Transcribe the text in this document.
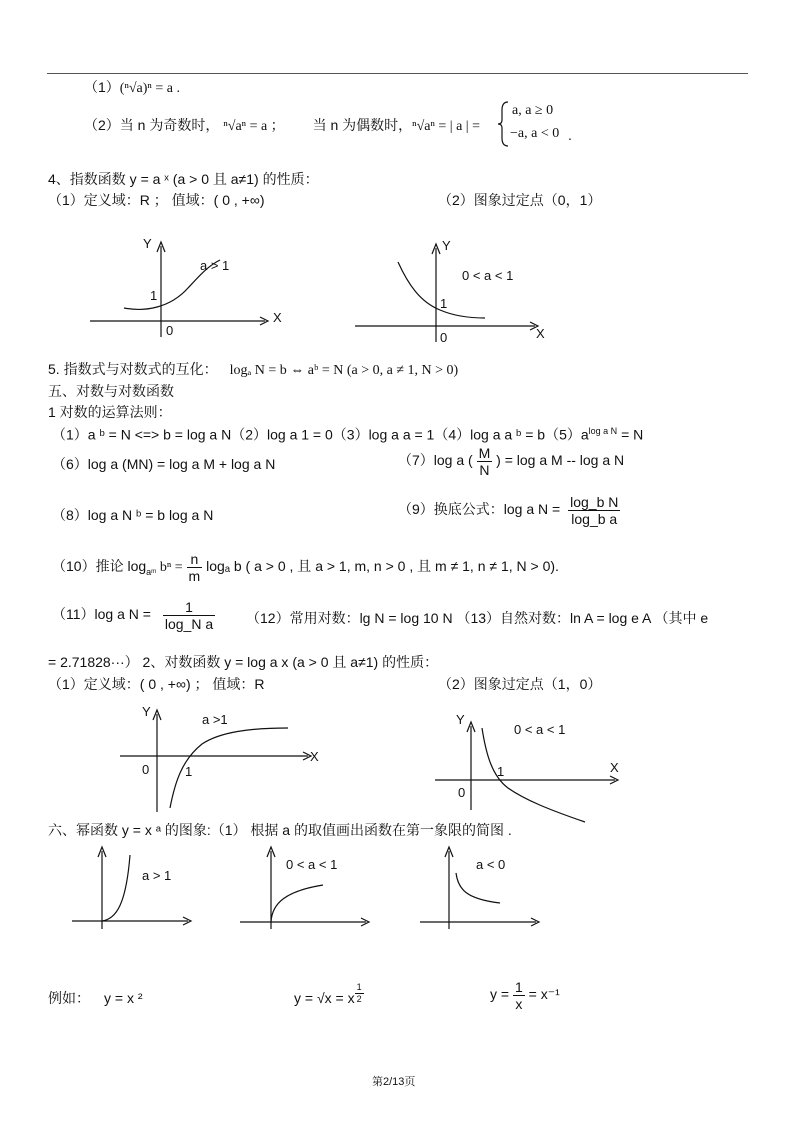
（1）(ⁿ√a)ⁿ = a .
（2）当 n 为奇数时， ⁿ√aⁿ = a ； 当 n 为偶数时，ⁿ√aⁿ = | a | =
a, a ≥ 0
−a, a < 0 .
4、指数函数 y = a ˣ (a > 0 且 a≠1) 的性质：
（1）定义域：R ； 值域：( 0 , +∞)	（2）图象过定点（0，1）
Y
X
0
1
a > 1
Y
X
0
1
0 < a < 1
5. 指数式与对数式的互化： logₐ N = b ⇔ aᵇ = N (a > 0, a ≠ 1, N > 0)
五、对数与对数函数
1 对数的运算法则：
（1）a ᵇ = N <=> b = log a N（2）log a 1 = 0（3）log a a = 1（4）log a a ᵇ = $b(5)a^{log a N} = N$
（6）log a (MN) = log a M + log a N	（7）log a ( $\frac{M}{N}$ ) = log a M -- log a N
（8）log a N ᵇ = b log a N	（9）换底公式：log a $N = \frac{\text{log\_b N}}{\text{log\_b a}}$
（10）推论 $\log_{aᵐ} b^n = \frac{n}{m}$ logₐ b ( a > 0 , 且 a > 1, m, n > 0 , 且 m ≠ 1, n ≠ 1, N > 0).
（11）log a $N = \frac{1}{\text{log\_N a}} (12)$常用对数：lg N = log 10 N （13）自然对数：ln A = log e A （其中 e
= 2.71828···） 2、对数函数 y = log a x (a > 0 且 a≠1) 的性质：
（1）定义域：( 0 , +∞) ； 值域：R	（2）图象过定点（1，0）
Y
X
0	1
a >1	Y
X
0
1
0 < a < 1
六、幂函数 y = x ᵃ 的图象:（1） 根据 a 的取值画出函数在第一象限的简图 .
a > 1
0 < a < 1	a < 0
例如： y = x ²	y = √x = x $\frac{1}{2}$	$y = \frac{1}{x} = x^{-1}$
第2/13页
